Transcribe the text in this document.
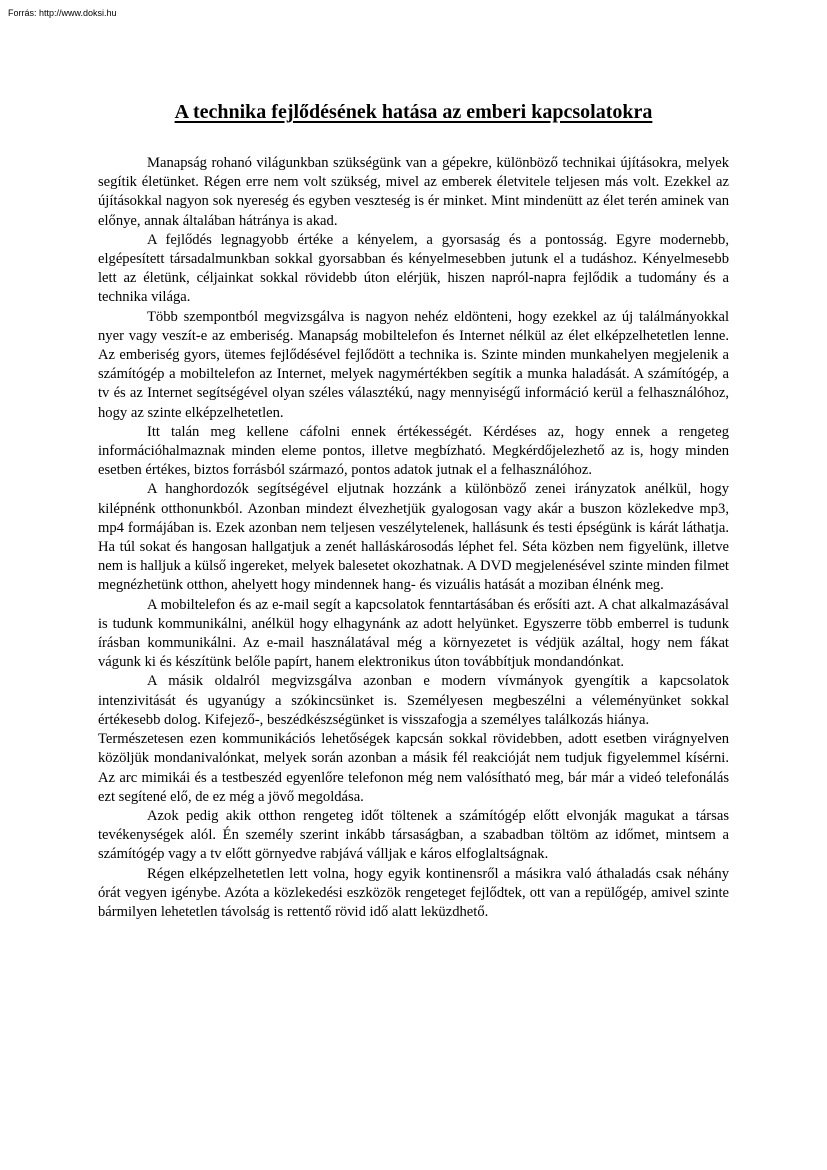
Forrás: http://www.doksi.hu
A technika fejlődésének hatása az emberi kapcsolatokra

Manapság rohanó világunkban szükségünk van a gépekre, különböző technikai újításokra, melyek segítik életünket. Régen erre nem volt szükség, mivel az emberek életvitele teljesen más volt. Ezekkel az újításokkal nagyon sok nyereség és egyben veszteség is ér minket. Mint mindenütt az élet terén aminek van előnye, annak általában hátránya is akad.

A fejlődés legnagyobb értéke a kényelem, a gyorsaság és a pontosság. Egyre modernebb, elgépesített társadalmunkban sokkal gyorsabban és kényelmesebben jutunk el a tudáshoz. Kényelmesebb lett az életünk, céljainkat sokkal rövidebb úton elérjük, hiszen napról-napra fejlődik a tudomány és a technika világa.

Több szempontból megvizsgálva is nagyon nehéz eldönteni, hogy ezekkel az új találmányokkal nyer vagy veszít-e az emberiség. Manapság mobiltelefon és Internet nélkül az élet elképzelhetetlen lenne. Az emberiség gyors, ütemes fejlődésével fejlődött a technika is. Szinte minden munkahelyen megjelenik a számítógép a mobiltelefon az Internet, melyek nagymértékben segítik a munka haladását. A számítógép, a tv és az Internet segítségével olyan széles választékú, nagy mennyiségű információ kerül a felhasználóhoz, hogy az szinte elképzelhetetlen.

Itt talán meg kellene cáfolni ennek értékességét. Kérdéses az, hogy ennek a rengeteg információhalmaznak minden eleme pontos, illetve megbízható. Megkérdőjelezhető az is, hogy minden esetben értékes, biztos forrásból származó, pontos adatok jutnak el a felhasználóhoz.

A hanghordozók segítségével eljutnak hozzánk a különböző zenei irányzatok anélkül, hogy kilépnénk otthonunkból. Azonban mindezt élvezhetjük gyalogosan vagy akár a buszon közlekedve mp3, mp4 formájában is. Ezek azonban nem teljesen veszélytelenek, hallásunk és testi épségünk is kárát láthatja. Ha túl sokat és hangosan hallgatjuk a zenét halláskárosodás léphet fel. Séta közben nem figyelünk, illetve nem is halljuk a külső ingereket, melyek balesetet okozhatnak. A DVD megjelenésével szinte minden filmet megnézhetünk otthon, ahelyett hogy mindennek hang- és vizuális hatását a moziban élnénk meg.

A mobiltelefon és az e-mail segít a kapcsolatok fenntartásában és erősíti azt. A chat alkalmazásával is tudunk kommunikálni, anélkül hogy elhagynánk az adott helyünket. Egyszerre több emberrel is tudunk írásban kommunikálni. Az e-mail használatával még a környezetet is védjük azáltal, hogy nem fákat vágunk ki és készítünk belőle papírt, hanem elektronikus úton továbbítjuk mondandónkat.

A másik oldalról megvizsgálva azonban e modern vívmányok gyengítik a kapcsolatok intenzivitását és ugyanúgy a szókincsünket is. Személyesen megbeszélni a véleményünket sokkal értékesebb dolog. Kifejező-, beszédkészségünket is visszafogja a személyes találkozás hiánya.

Természetesen ezen kommunikációs lehetőségek kapcsán sokkal rövidebben, adott esetben virágnyelven közöljük mondanivalónkat, melyek során azonban a másik fél reakcióját nem tudjuk figyelemmel kísérni. Az arc mimikái és a testbeszéd egyenlőre telefonon még nem valósítható meg, bár már a videó telefonálás ezt segítené elő, de ez még a jövő megoldása.

Azok pedig akik otthon rengeteg időt töltenek a számítógép előtt elvonják magukat a társas tevékenységek alól. Én személy szerint inkább társaságban, a szabadban töltöm az időmet, mintsem a számítógép vagy a tv előtt görnyedve rabjává válljak e káros elfoglaltságnak.

Régen elképzelhetetlen lett volna, hogy egyik kontinensről a másikra való áthaladás csak néhány órát vegyen igénybe. Azóta a közlekedési eszközök rengeteget fejlődtek, ott van a repülőgép, amivel szinte bármilyen lehetetlen távolság is rettentő rövid idő alatt leküzdhető.
